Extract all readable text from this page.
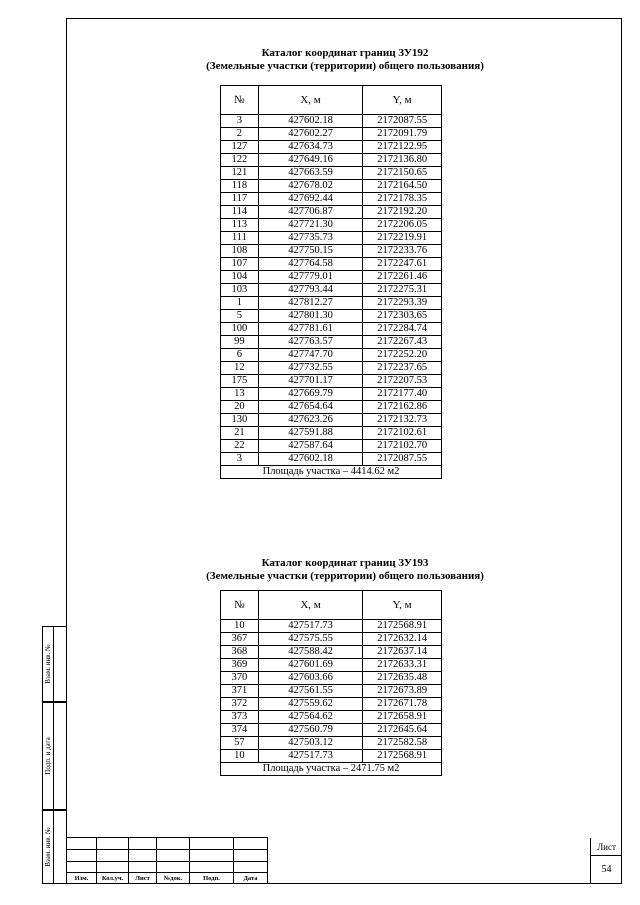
Каталог координат границ ЗУ192
(Земельные участки (территории) общего пользования)
№	X, м	Y, м
3	427602.18	2172087.55
2	427602.27	2172091.79
127	427634.73	2172122.95
122	427649.16	2172136.80
121	427663.59	2172150.65
118	427678.02	2172164.50
117	427692.44	2172178.35
114	427706.87	2172192.20
113	427721.30	2172206.05
111	427735.73	2172219.91
108	427750.15	2172233.76
107	427764.58	2172247.61
104	427779.01	2172261.46
103	427793.44	2172275.31
1	427812.27	2172293.39
5	427801.30	2172303.65
100	427781.61	2172284.74
99	427763.57	2172267.43
6	427747.70	2172252.20
12	427732.55	2172237.65
175	427701.17	2172207.53
13	427669.79	2172177.40
20	427654.64	2172162.86
130	427623.26	2172132.73
21	427591.88	2172102.61
22	427587.64	2172102.70
3	427602.18	2172087.55
Площадь участка – 4414.62 м2		
Каталог координат границ ЗУ193
(Земельные участки (территории) общего пользования)
№	X, м	Y, м
10	427517.73	2172568.91
367	427575.55	2172632.14
368	427588.42	2172637.14
369	427601.69	2172633.31
370	427603.66	2172635.48
371	427561.55	2172673.89
372	427559.62	2172671.78
373	427564.62	2172658.91
374	427560.79	2172645.64
57	427503.12	2172582.58
10	427517.73	2172568.91
Площадь участка – 2471.75 м2		
Взам. инв. №
Подп. и дата
Взам. инв. №
Изм.	Кол.уч.	Лист	№док.	Подп.	Дата
Лист
54
